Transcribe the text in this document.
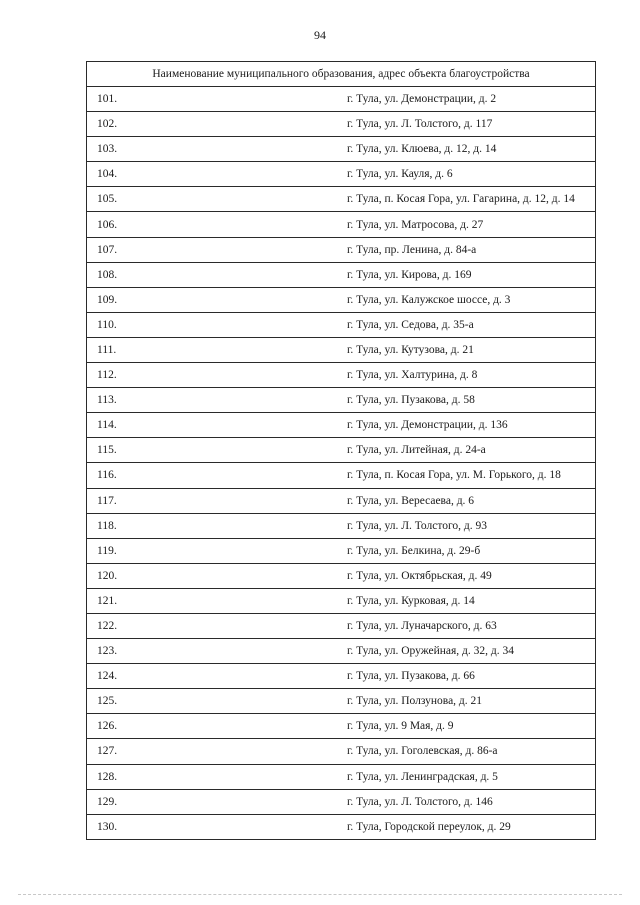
94
Наименование муниципального образования, адрес объекта благоустройства	
101.	г. Тула, ул. Демонстрации, д. 2
102.	г. Тула, ул. Л. Толстого, д. 117
103.	г. Тула, ул. Клюева, д. 12, д. 14
104.	г. Тула, ул. Кауля, д. 6
105.	г. Тула, п. Косая Гора, ул. Гагарина, д. 12, д. 14
106.	г. Тула, ул. Матросова, д. 27
107.	г. Тула, пр. Ленина, д. 84-а
108.	г. Тула, ул. Кирова, д. 169
109.	г. Тула, ул. Калужское шоссе, д. 3
110.	г. Тула, ул. Седова, д. 35-а
111.	г. Тула, ул. Кутузова, д. 21
112.	г. Тула, ул. Халтурина, д. 8
113.	г. Тула, ул. Пузакова, д. 58
114.	г. Тула, ул. Демонстрации, д. 136
115.	г. Тула, ул. Литейная, д. 24-а
116.	г. Тула, п. Косая Гора, ул. М. Горького, д. 18
117.	г. Тула, ул. Вересаева, д. 6
118.	г. Тула, ул. Л. Толстого, д. 93
119.	г. Тула, ул. Белкина, д. 29-б
120.	г. Тула, ул. Октябрьская, д. 49
121.	г. Тула, ул. Курковая, д. 14
122.	г. Тула, ул. Луначарского, д. 63
123.	г. Тула, ул. Оружейная, д. 32, д. 34
124.	г. Тула, ул. Пузакова, д. 66
125.	г. Тула, ул. Ползунова, д. 21
126.	г. Тула, ул. 9 Мая, д. 9
127.	г. Тула, ул. Гоголевская, д. 86-а
128.	г. Тула, ул. Ленинградская, д. 5
129.	г. Тула, ул. Л. Толстого, д. 146
130.	г. Тула, Городской переулок, д. 29
